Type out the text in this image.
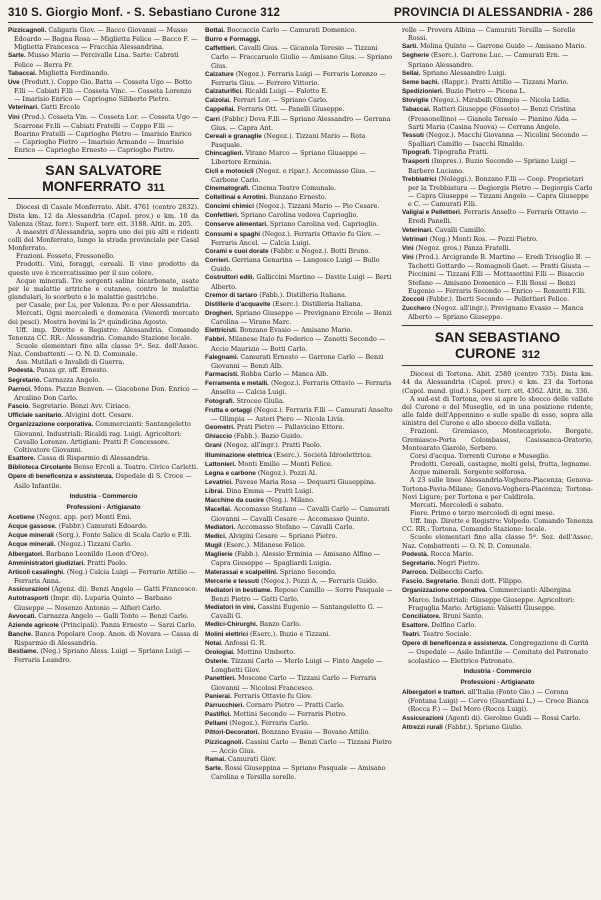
310 S. Giorgio Monf. - S. Sebastiano Curone 312	PROVINCIA DI ALESSANDRIA - 286

Pizzicagnoli. Caligaris Giov. — Bacco Giovanni — Musso Edoardo — Bagna Rosa — Miglietta Felice — Bacco F. — Miglietta Francesca — Fracchia Alessandrina.

Sarte. Musso Maria — Percivalle Lina. Sarte: Cabrati Felice — Berra Fr.

Tabaccai. Miglietta Ferdinando.

Uve (Produtt.). Coppo Gio. Batta — Cosseta Ugo — Botto F.lli — Cabiati F.lli — Cosseta Vinc. — Cosseta Lorenzo — Imarisio Enrico — Capriogno Siliberto Pietro.

Veterinari. Gatti Ercole

Vini (Prod.). Cosseta Vin. — Cosseta Lor. — Cosseta Ugo — Scarrone Fr.lli — Cabiati Fratelli — Coppo F.lli — Boarino Fratelli — Capriogho Pietro — Imarisio Enrico — Capriogho Pietro — Imarisio Armando — Imarisio Enrico — Capriogho Ernesto — Capriogho Pietro.

SAN SALVATORE MONFERRATO 311

Diocesi di Casale Monferrato. Abit. 4761 (centro 2832). Dista km. 12 da Alessandria (Capol. prov.) e km. 10 da Valenza (Staz. ferr.). Superf. terr. ett. 3188. Altit. m. 205.

A maestri d'Alessandria, sopra uno dei più alti e ridenti colli del Monferrato, lungo la strada provinciale per Casal Monferrato.

Frazioni. Fosseto, Fressonello.

Prodotti. Vini, foraggi, cereali. Il vino prodotto da queste uve è ricercatissimo per il suo colore.

Acque minerali. Tre sorgenti saline bicarbonate, usate per le malattie artriche e cutanee, contro le malattie glandulari, lo scorbuto e le malattie gastriche.

per Casale, per Lu, per Valenza. Po e per Alessandria.

Mercati. Ogni mercoledì e domenica (Venerdì mercato dei pesci). Mostra bovini la 2ª quindicina Agosto.

Uff. imp. Dirette e Registro: Alessandria. Comando Tenenza CC. RR.: Alessandria. Comando Stazione locale.

Scuole elementari fino alla classe 5ª. Sez. dell'Assoc. Naz. Combattenti — O. N. D. Comunale.

Ass. Mutilati e Invalidi di Guerra.

Podestà. Panza gr. uff. Ernesto.

Segretario. Carnazza Angelo.

Parroci. Mons. Piazzo Benven. — Giacobone Don. Enrico — Arcalino Don Carlo.

Fascio. Segretario. Benzi Avv. Ciriaco.

Ufficiale sanitario. Alvigini dott. Cesare.

Organizzazione corporativa. Commercianti: Santangeletto Giovanni. Industriali: Ricaldi rag. Luigi. Agricoltori: Cavallo Lorenzo. Artigiani: Pratti P. Concessore. Coltivatore Giovanni.

Esattore. Cassa di Risparmio di Alessandria.

Biblioteca Circolante Benso Ercoli a. Teatro. Civico Carletti.

Opere di beneficenza e assistenza. Ospedale di S. Croce — Asilo Infantile.

Industria - Commercio
Professioni - Artigianato

Acetiene (Negoz. app. per) Monti Emi.

Acque gassose. (Fabbr.) Camurati Edoardo.

Acque minerali (Sorg.). Fonte Salice di Scala Carlo e F.lli.

Acque minerali. (Negoz.) Tizzani Carlo.

Albergatori. Barbano Leonildo (Leon d'Oro).

Amministratori giudiziari. Pratti Paolo.

Articoli casalinghi. (Neg.) Calcia Luigi — Ferrario Attilio — Ferraris Anna.

Assicurazioni (Agenz. di). Benzi Angelo — Gatti Francesco.

Autotrasporti (Impr. di). Luparia Quinto — Barbano Giuseppe — Nosenzo Antonio — Alfieri Carlo.

Avvocati. Carnazza Angelo — Galli Tonto — Benzi Carlo.

Aziende agricole (Principali). Panza Ernesto — Sarzi Carlo.

Banche. Banca Popolare Coop. Anon. di Novara — Cassa di Risparmio di Alessandria.

Bestiame. (Neg.) Spriano Aless. Luigi — Spriano Luigi — Ferraris Leandro.

Bottai. Boccaccio Carlo — Camurati Domenico.

Burro e Formaggi.

Caffettieri. Cavalli Gius. — Gicanola Teresio — Tizzani Carlo — Fraccaruolo Giulio — Amisano Gius. — Spriano Gius.

Calzature (Negoz.). Ferraris Luigi — Ferraris Lorenzo — Ferraris Gius. — Ferrero Vittorio.

Calzaturifici. Ricaldi Luigi — Falotto E.

Calzolai. Ferrari Lor. — Spriano Carlo.

Cappellai. Ferraris Ott. — Panelli Giuseppe.

Carri (Fabbr.) Dova F.lli — Spriano Alessandro — Gerrana Gius. — Capra Ant.

Cereali e granaglie (Negoz.). Tizzani Mario — Rota Pasquale.

Chincaglieri. Virano Marco — Spriano Giuseppe — Libertore Erminia.

Cicli e motocicli (Negoz. e ripar.). Accomasso Gius. — Carbone Carlo.

Cinematografi. Cinema Teatro Comunale.

Coltellinai e Arrotini. Bunzano Ernesto.

Concimi chimici (Negoz.). Tizzani Mario — Pio Cesare.

Confettieri. Spriano Carolina vedova Caprioglio.

Conserve alimentari. Spriano Carolina ved. Caprioglio.

Consumi e spaghi (Negoz.). Ferraris Ottavio fu Giov. — Ferraris Ancel. — Calcia Luigi.

Corami e cuoi dorate (Fabbr. e Negoz.). Botti Bruno.

Corrieri. Gerriana Genarina — Langosco Luigi — Bullo Guido.

Costruttori edili. Galliccini Martino — Davite Luigi — Berti Alberto.

Cremor di tartaro (Fabb.). Distilleria Italiana.

Distillerie d'acquavite (Eserc.). Distilleria Italiana.

Drogheri. Spriano Giuseppe — Prevignano Ercole — Benzi Carolina — Virano Marc.

Elettricisti. Bonzano Evasio — Amisano Mario.

Fabbri. Milanese Italo fu Federico — Zanetti Secondo — Accio Maurizio — Botti Carlo.

Falegnami. Camurati Ernesto — Garrone Carlo — Benzi Giovanni — Benzi Alb.

Farmacisti. Robba Carlo — Manca Alb.

Ferramenta e metalli. (Negoz.). Ferraris Ottavio — Ferraris Anselto — Calcia Luigi.

Fotografi. Stroceo Giulia.

Frutta e ortaggi (Negoz.). Ferraris F.lli — Camurati Anselto — Olimpia — Astori Piero — Nicola Livia.

Geometri. Prati Pietro — Pallavicino Ettore.

Ghiaccio (Fabb.). Bazio Guido.

Grani (Negoz. all'ingr.). Pratti Paolo.

Illuminazione elettrica (Eserc.). Società Idroelettrica.

Lattonieri. Monti Emilio — Monti Felice.

Legna e carbone (Negoz.). Pozzi Al.

Levatrici. Pavese Maria Rosa — Dequarti Giuseppina.

Librai. Dina Emma — Pratti Luigi.

Macchine da cucire (Neg.). Milano.

Macellai. Accomasso Stefano — Cavalli Carlo — Camurati Giovanni — Cavalli Cesare — Accomasso Quinto.

Mediatori. Accomasso Stefano — Cavalli Carlo.

Medici. Alvigini Cesare — Spriano Pietro.

Mugil (Eserc.). Milanese Felice.

Maglierie (Fabb.). Alessio Erminia — Amisano Alfino — Capra Giuseppe — Spagliardi Luigia.

Materassai e scalpellini. Spriano Secondo.

Mercerie e tessuti (Negoz.). Pozzi A. — Ferraris Guido.

Mediatori in bestiame. Reposo Camillo — Sorre Pasquale — Benzi Pietro — Gatti Carlo.

Mediatori in vini. Cassini Eugenio — Santangeletto G. — Cavalli G.

Medici-Chirurghi. Banzo Carlo.

Molini elettrici (Eserc.). Buzio e Tizzani.

Notai. Anfossi G. R.

Orologiai. Mottino Umberto.

Osterie. Tizzani Carlo — Merlo Luigi — Finto Angelo — Longhetti Giov.

Panettieri. Moscone Carlo — Tizzani Carlo — Ferraris Giovanni — Nicolosi Francesco.

Panierai. Ferraris Ottavio fu Giov.

Parrucchieri. Cornaro Pietro — Pratti Carlo.

Pastifici. Mottini Secondo — Ferraris Pietro.

Pellami (Negoz.). Ferraris Carlo.

Pittori-Decoratori. Bonzano Evasio — Bovano Attilio.

Pizzicagnoli. Cassini Carlo — Benzi Carlo — Tizzani Pietro — Accio Gius.

Ramai. Camurati Giov.

Sarte. Rossi Giuseppina — Spriano Pasquale — Amisano Carolina e Tersilla sorelle.

relle — Provera Albina — Camurati Tersilla — Sorelle Rossi.

Sarti. Molina Quinto — Garrone Guido — Amisano Mario.

Segherie (Eserc.). Garrone Luc. — Camurati Ern. — Spriano Alessandro.

Sellai. Spriano Alessandro Luigi.

Seme bachi. (Rappr.). Pratti Attilio — Tizzani Mario.

Spedizionieri. Buzio Pietro — Picena L.

Stoviglie (Negoz.). Mirabelli Olimpia — Nicola Lidia.

Tabaccai. Ratteri Giuseppe (Fosseto) — Benzi Cristina (Fressonellino) — Gianola Teresio — Pianino Aida — Sarti Maria (Casina Nuova) — Cerrana Angelo.

Tessuti (Negoz.). Macchi Giovanna — Nicolini Secondo — Spalliari Camillo — Isacchi Rinaldo.

Tipografi. Tipografia Pratti.

Trasporti (Impres.). Buzio Secondo — Spriano Luigi — Barbero Luciano.

Trebbiatrici (Noleggi.). Bonzano F.lli — Coop. Proprietari per la Trebbiatura — Degiorgis Pietro — Degiorgis Carlo — Capra Giuseppe — Tizzani Angelo — Capra Giuseppe e C. — Camurati F.lli.

Valigiai e Pellettieri. Ferraris Anselto — Ferraris Ottavio — Eredi Panelli.

Veterinari. Cavalli Camillo.

Vetrinari (Neg.) Monti Ros. — Pozzi Pietro.

Vini (Negoz. gros.) Panza Fratelli.

Vini (Prod.). Arcigrande B. Martino — Eredi Trisoglio B. — Tachetti Gottardo — Romagnoli Gaet. — Pratti Giusta — Piccinini — Tizzani F.lli — Mottasottini F.lli — Bisaccio Stefano — Amisano Domenico — F.lli Rossi — Benzi Eugenio — Ferraris Secondo — Enrico — Ronzetti F.lli.

Zoccoli (Fabbr.). Iberti Secondo — Pellettieri Felice.

Zucchero (Negoz. all'ingr.). Prevignano Evasio — Manca Alberto — Spriano Giuseppe.

SAN SEBASTIANO CURONE 312

Diocesi di Tortona. Abit. 2580 (centro 735). Dista km. 44 da Alessandria (Capol. prov.) e km. 23 da Tortona (Capol. mand. giud.). Superf. terr. ett. 4362. Altit. m. 336.

A sud-est di Tortona, ove si apre lo sbocco delle vallate del Curone e del Museglio, ed in una posizione ridente, alle falde dell'Appennino e sulle spalle di esso, sopra alla sinistra del Curone e allo sbocco della vallata.

Frazioni. Gremiasco, Montecapriolo. Borgate. Gremiasco-Porta Colombassi, Casissanca-Oratorio, Montearato Giarolo, Serbero.

Corsi d'acqua. Torrenti Curone e Museglio.

Prodotti. Cereali, castagne, molti gelsi, frutta, legname.

Acque minerali. Sorgente solforosa.

A 23 sulle linee Alessandria-Voghera-Piacenza; Genova-Tortona-Pavia-Milano; Genova-Voghera-Piacenza; Tortona-Novi Ligure; per Tortona e per Caldirola.

Mercati. Mercoledì e sabato.

Fiere. Primo e terzo mercoledì di ogni mese.

Uff. Imp. Dirette e Registro: Volpedo. Comando Tenenza CC. RR.: Tortona. Comando Stazione: locale.

Scuole elementari fino alla classe 5ª. Sez. dell'Assoc. Naz. Combattenti — O. N. D. Comunale.

Podestà. Rocca Mario.

Segretario. Negri Pietro.

Parroco. Delbecchi Carlo.

Fascio. Segretario. Benzi dott. Filippo.

Organizzazione corporativa. Commercianti: Albergina Marco. Industriali: Giuseppe Giuseppe. Agricoltori: Fraguglia Mario. Artigiani: Valsetti Giuseppe.

Conciliatore. Bruni Santo.

Esattore. Delfino Carlo.

Teatri. Teatro Sociale.

Opere di beneficenza e assistenza. Congregazione di Carità — Ospedale — Asilo Infantile — Comitato del Patronato scolastico — Elettrico Patronato.

Industria - Commercio
Professioni - Artigianato

Albergatori e trattori. all'Italia (Fonte Gio.) — Corona (Fontana Luigi) — Cervo (Guardiani L.) — Croce Bianca (Rocca F.) — Del Moro (Rocca Luigi).

Assicurazioni (Agenti di). Gerolmo Guidi — Rossi Carlo.

Attrezzi rurali (Fabbr.). Spriano Giulio.
